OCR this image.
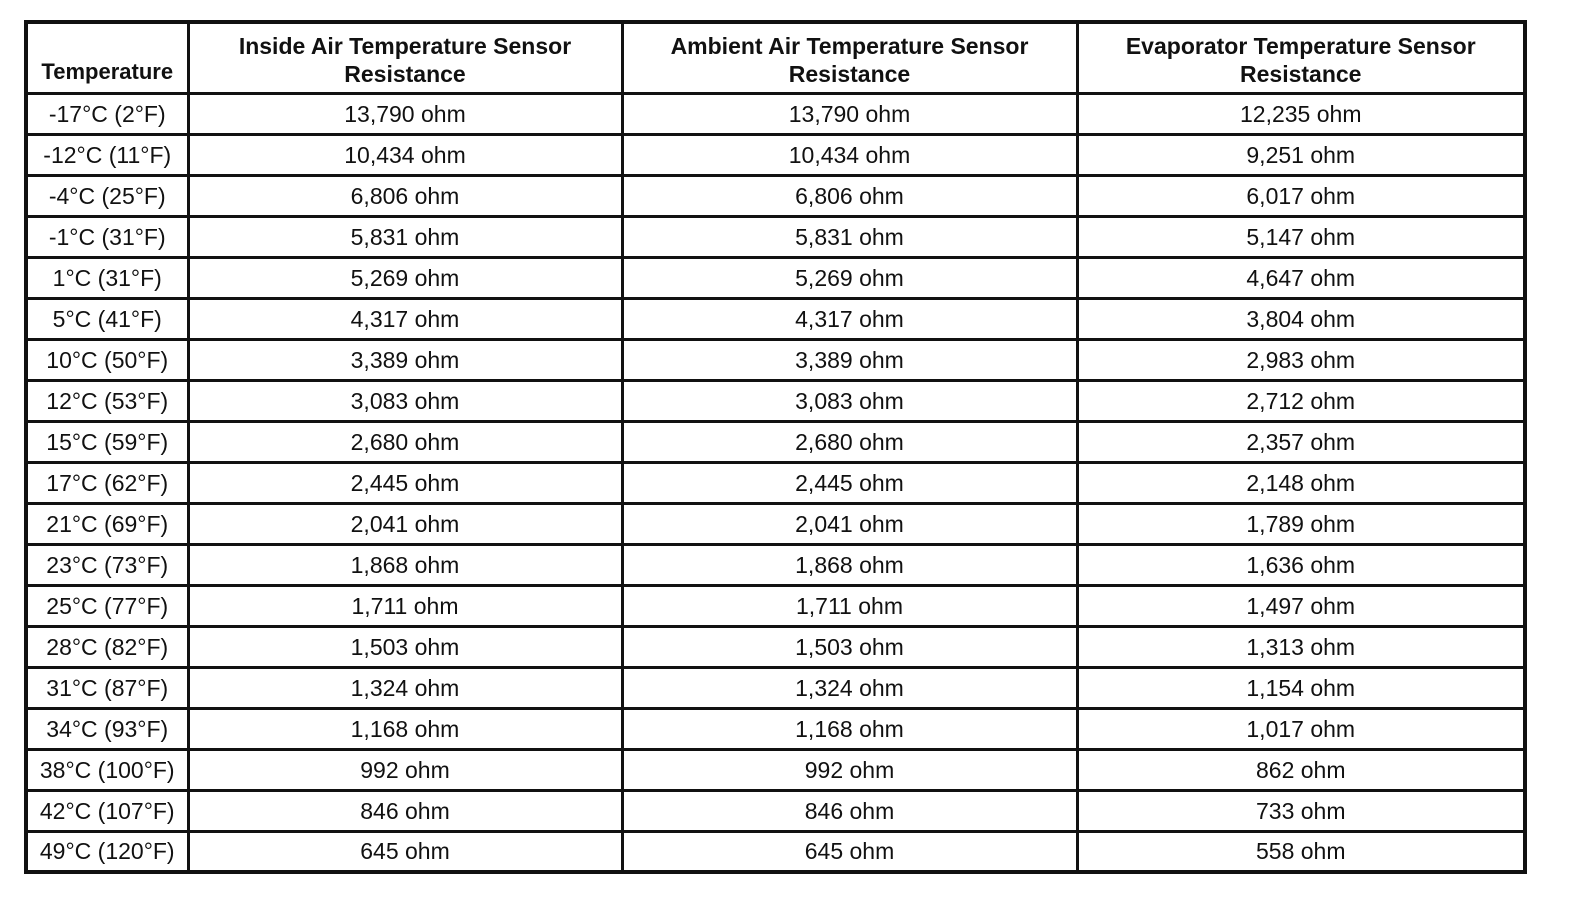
Temperature	Inside Air Temperature Sensor Resistance	Ambient Air Temperature Sensor Resistance	Evaporator Temperature Sensor Resistance
-17°C (2°F)	13,790 ohm	13,790 ohm	12,235 ohm
-12°C (11°F)	10,434 ohm	10,434 ohm	9,251 ohm
-4°C (25°F)	6,806 ohm	6,806 ohm	6,017 ohm
-1°C (31°F)	5,831 ohm	5,831 ohm	5,147 ohm
1°C (31°F)	5,269 ohm	5,269 ohm	4,647 ohm
5°C (41°F)	4,317 ohm	4,317 ohm	3,804 ohm
10°C (50°F)	3,389 ohm	3,389 ohm	2,983 ohm
12°C (53°F)	3,083 ohm	3,083 ohm	2,712 ohm
15°C (59°F)	2,680 ohm	2,680 ohm	2,357 ohm
17°C (62°F)	2,445 ohm	2,445 ohm	2,148 ohm
21°C (69°F)	2,041 ohm	2,041 ohm	1,789 ohm
23°C (73°F)	1,868 ohm	1,868 ohm	1,636 ohm
25°C (77°F)	1,711 ohm	1,711 ohm	1,497 ohm
28°C (82°F)	1,503 ohm	1,503 ohm	1,313 ohm
31°C (87°F)	1,324 ohm	1,324 ohm	1,154 ohm
34°C (93°F)	1,168 ohm	1,168 ohm	1,017 ohm
38°C (100°F)	992 ohm	992 ohm	862 ohm
42°C (107°F)	846 ohm	846 ohm	733 ohm
49°C (120°F)	645 ohm	645 ohm	558 ohm
